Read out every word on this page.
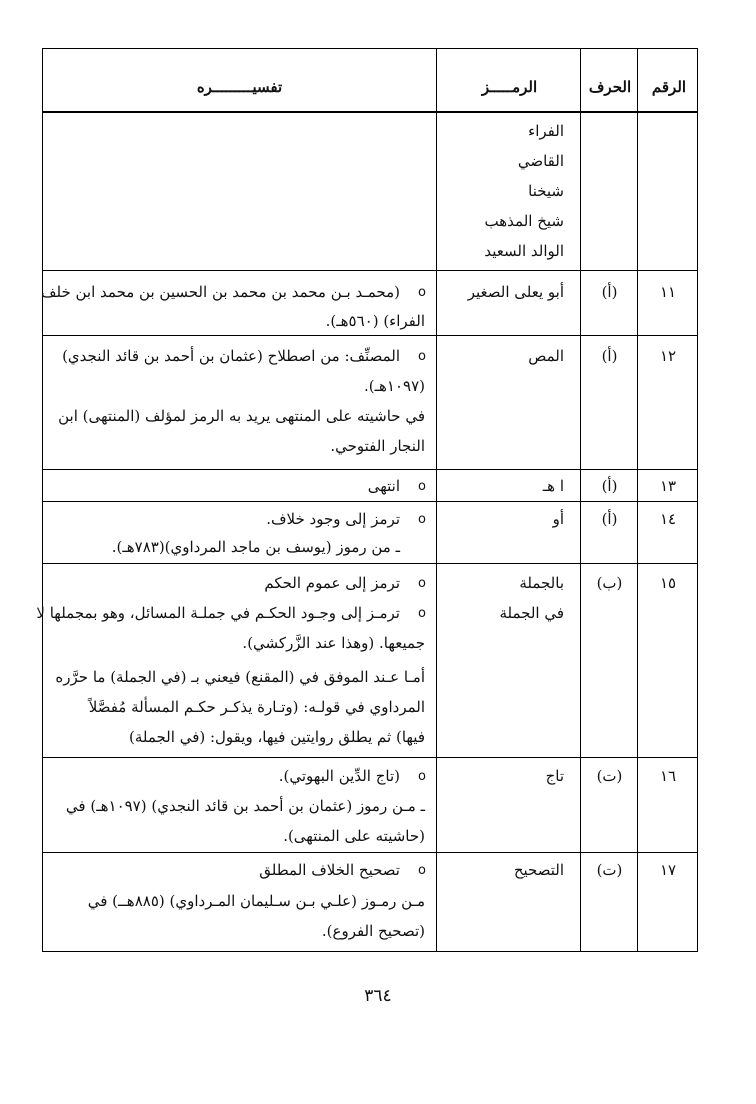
الرقم
الحرف
الرمـــــز
تفسيـــــــــره
الفراء
القاضي
شيخنا
شيخ المذهب
الوالد السعيد
١١
(أ)
أبو يعلى الصغير
o
(محمـد بـن محمد بن محمد بن الحسين بن محمد ابن خلف
الفراء) (٥٦٠هـ).
١٢
(أ)
المص
o
المصنِّف: من اصطلاح (عثمان بن أحمد بن قائد النجدي)
(١٠٩٧هـ).
في حاشيته على المنتهى يريد به الرمز لمؤلف (المنتهى) ابن
النجار الفتوحي.
١٣
(أ)
ا هـ
o
انتهى
١٤
(أ)
أو
o
ترمز إلى وجود خلاف.
ـ من رموز (يوسف بن ماجد المرداوي)(٧٨٣هـ).
١٥
(ب)
بالجملة
في الجملة
o
ترمز إلى عموم الحكم
o
ترمـز إلى وجـود الحكـم في جملـة المسائل، وهو بمجملها لا
جميعها. (وهذا عند الزَّركشي).
أمـا عـند الموفق في (المقنع) فيعني بـ (في الجملة) ما حرَّره
المرداوي في قولـه: (وتـارة يذكـر حكـم المسألة مُفصَّلاً
فيها) ثم يطلق روايتين فيها، ويقول: (في الجملة)
١٦
(ت)
تاج
o
(تاج الدِّين البهوتي).
ـ مـن رموز (عثمان بن أحمد بن قائد النجدي) (١٠٩٧هـ) في
(حاشيته على المنتهى).
١٧
(ت)
التصحيح
o
تصحيح الخلاف المطلق
مـن رمـوز (علـي بـن سـليمان المـرداوي) (٨٨٥هــ) في
(تصحيح الفروع).
٣٦٤
